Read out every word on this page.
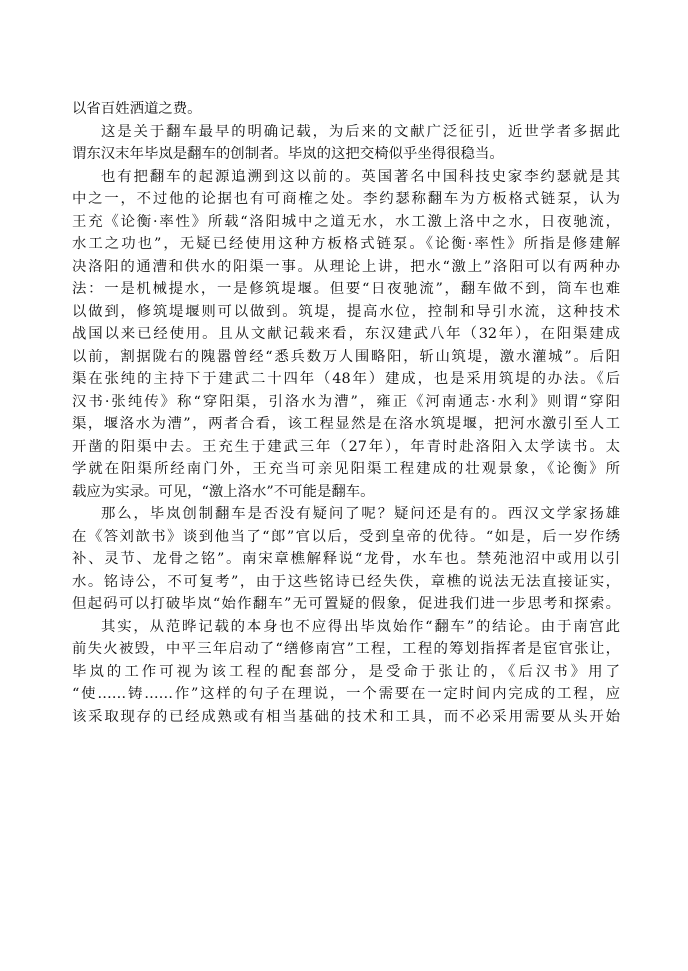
以省百姓洒道之费。
这是关于翻车最早的明确记载，为后来的文献广泛征引，近世学者多据此
谓东汉末年毕岚是翻车的创制者。毕岚的这把交椅似乎坐得很稳当。
也有把翻车的起源追溯到这以前的。英国著名中国科技史家李约瑟就是其
中之一，不过他的论据也有可商榷之处。李约瑟称翻车为方板格式链泵，认为
王充《论衡·率性》所载“洛阳城中之道无水，水工激上洛中之水，日夜驰流，
水工之功也”，无疑已经使用这种方板格式链泵。《论衡·率性》所指是修建解
决洛阳的通漕和供水的阳渠一事。从理论上讲，把水“激上”洛阳可以有两种办
法：一是机械提水，一是修筑堤堰。但要“日夜驰流”，翻车做不到，筒车也难
以做到，修筑堤堰则可以做到。筑堤，提高水位，控制和导引水流，这种技术
战国以来已经使用。且从文献记载来看，东汉建武八年（32年），在阳渠建成
以前，割据陇右的隗嚣曾经“悉兵数万人围略阳，斩山筑堤，激水灌城”。后阳
渠在张纯的主持下于建武二十四年（48年）建成，也是采用筑堤的办法。《后
汉书·张纯传》称“穿阳渠，引洛水为漕”，雍正《河南通志·水利》则谓“穿阳
渠，堰洛水为漕”，两者合看，该工程显然是在洛水筑堤堰，把河水激引至人工
开凿的阳渠中去。王充生于建武三年（27年），年青时赴洛阳入太学读书。太
学就在阳渠所经南门外，王充当可亲见阳渠工程建成的壮观景象，《论衡》所
载应为实录。可见，“激上洛水”不可能是翻车。
那么，毕岚创制翻车是否没有疑问了呢？疑问还是有的。西汉文学家扬雄
在《答刘歆书》谈到他当了“郎”官以后，受到皇帝的优待。“如是，后一岁作绣
补、灵节、龙骨之铭”。南宋章樵解释说“龙骨，水车也。禁苑池沼中或用以引
水。铭诗公，不可复考”，由于这些铭诗已经失佚，章樵的说法无法直接证实，
但起码可以打破毕岚“始作翻车”无可置疑的假象，促进我们进一步思考和探索。
其实，从范晔记载的本身也不应得出毕岚始作“翻车”的结论。由于南宫此
前失火被毁，中平三年启动了“缮修南宫”工程，工程的筹划指挥者是宦官张让，
毕岚的工作可视为该工程的配套部分，是受命于张让的，《后汉书》用了
“使……铸……作”这样的句子在理说，一个需要在一定时间内完成的工程，应
该采取现存的已经成熟或有相当基础的技术和工具，而不必采用需要从头开始
